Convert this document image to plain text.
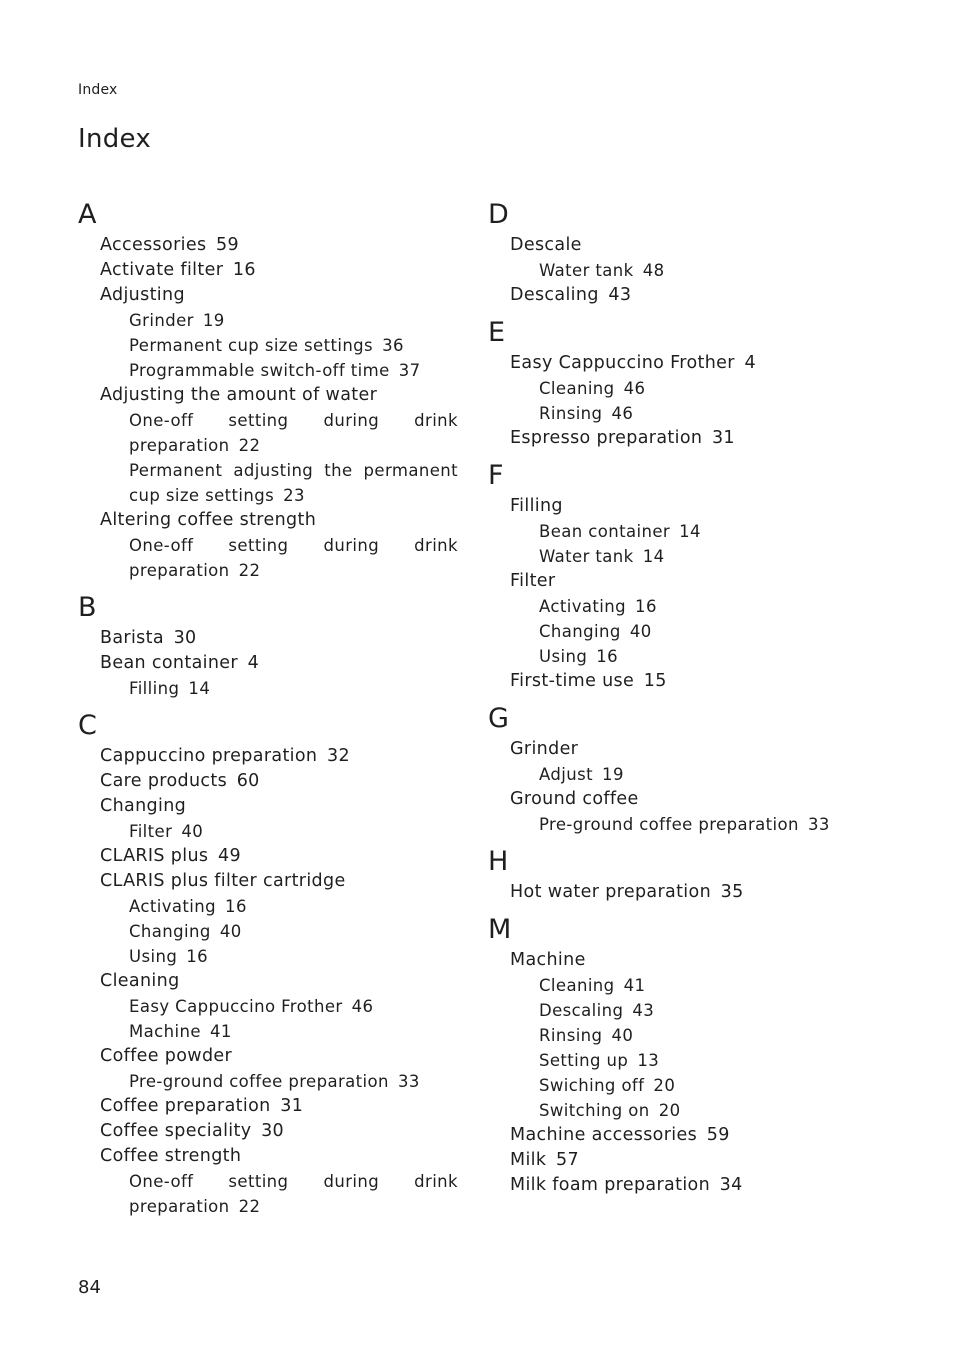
Index
Index
A
Accessories 59
Activate filter 16
Adjusting
Grinder 19
Permanent cup size settings 36
Programmable switch-off time 37
Adjusting the amount of water
One-off setting during drink preparation 22
Permanent adjusting the permanent cup size settings 23
Altering coffee strength
One-off setting during drink preparation 22
B
Barista 30
Bean container 4
Filling 14
C
Cappuccino preparation 32
Care products 60
Changing
Filter 40
CLARIS plus 49
CLARIS plus filter cartridge
Activating 16
Changing 40
Using 16
Cleaning
Easy Cappuccino Frother 46
Machine 41
Coffee powder
Pre-ground coffee preparation 33
Coffee preparation 31
Coffee speciality 30
Coffee strength
One-off setting during drink preparation 22
D
Descale
Water tank 48
Descaling 43
E
Easy Cappuccino Frother 4
Cleaning 46
Rinsing 46
Espresso preparation 31
F
Filling
Bean container 14
Water tank 14
Filter
Activating 16
Changing 40
Using 16
First-time use 15
G
Grinder
Adjust 19
Ground coffee
Pre-ground coffee preparation 33
H
Hot water preparation 35
M
Machine
Cleaning 41
Descaling 43
Rinsing 40
Setting up 13
Swiching off 20
Switching on 20
Machine accessories 59
Milk 57
Milk foam preparation 34
84
